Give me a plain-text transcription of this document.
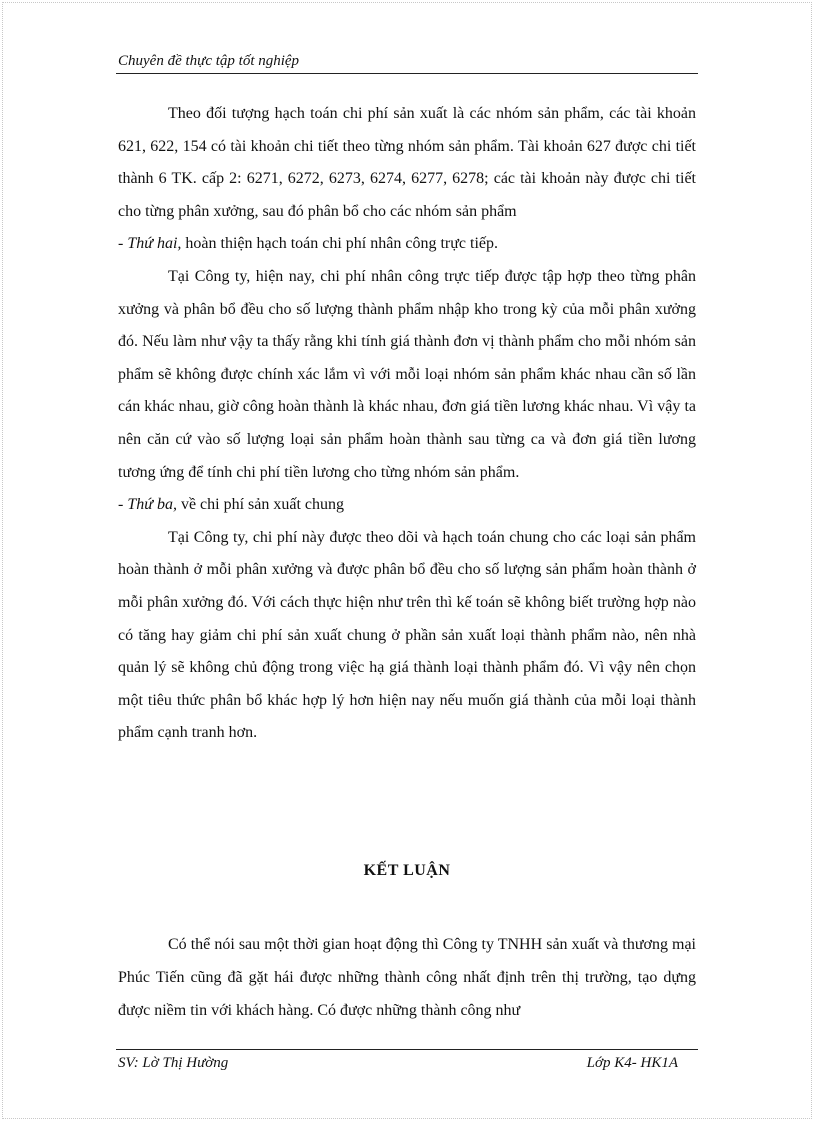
Chuyên đề thực tập tốt nghiệp

Theo đối tượng hạch toán chi phí sản xuất là các nhóm sản phẩm, các tài khoản 621, 622, 154 có tài khoản chi tiết theo từng nhóm sản phẩm. Tài khoản 627 được chi tiết thành 6 TK. cấp 2: 6271, 6272, 6273, 6274, 6277, 6278; các tài khoản này được chi tiết cho từng phân xưởng, sau đó phân bổ cho các nhóm sản phẩm

- Thứ hai, hoàn thiện hạch toán chi phí nhân công trực tiếp.

Tại Công ty, hiện nay, chi phí nhân công trực tiếp được tập hợp theo từng phân xưởng và phân bổ đều cho số lượng thành phẩm nhập kho trong kỳ của mỗi phân xưởng đó. Nếu làm như vậy ta thấy rằng khi tính giá thành đơn vị thành phẩm cho mỗi nhóm sản phẩm sẽ không được chính xác lắm vì với mỗi loại nhóm sản phẩm khác nhau cần số lần cán khác nhau, giờ công hoàn thành là khác nhau, đơn giá tiền lương khác nhau. Vì vậy ta nên căn cứ vào số lượng loại sản phẩm hoàn thành sau từng ca và đơn giá tiền lương tương ứng để tính chi phí tiền lương cho từng nhóm sản phẩm.

- Thứ ba, về chi phí sản xuất chung

Tại Công ty, chi phí này được theo dõi và hạch toán chung cho các loại sản phẩm hoàn thành ở mỗi phân xưởng và được phân bổ đều cho số lượng sản phẩm hoàn thành ở mỗi phân xưởng đó. Với cách thực hiện như trên thì kế toán sẽ không biết trường hợp nào có tăng hay giảm chi phí sản xuất chung ở phần sản xuất loại thành phẩm nào, nên nhà quản lý sẽ không chủ động trong việc hạ giá thành loại thành phẩm đó. Vì vậy nên chọn một tiêu thức phân bổ khác hợp lý hơn hiện nay nếu muốn giá thành của mỗi loại thành phẩm cạnh tranh hơn.

KẾT LUẬN

Có thể nói sau một thời gian hoạt động thì Công ty TNHH sản xuất và thương mại Phúc Tiến cũng đã gặt hái được những thành công nhất định trên thị trường, tạo dựng được niềm tin với khách hàng. Có được những thành công như

SV: Lờ Thị Hường	Lớp K4- HK1A
